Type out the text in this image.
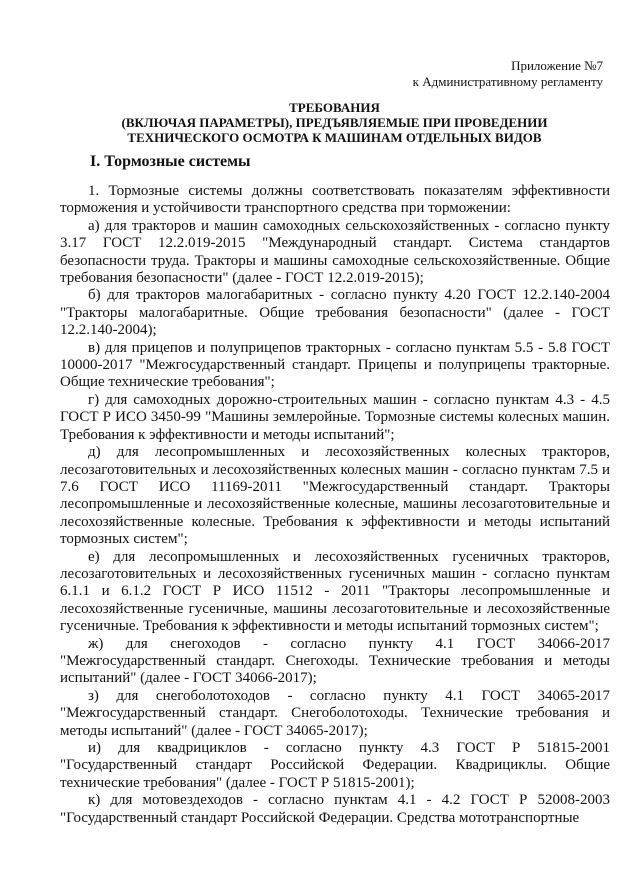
Приложение №7
к Административному регламенту
ТРЕБОВАНИЯ
(ВКЛЮЧАЯ ПАРАМЕТРЫ), ПРЕДЪЯВЛЯЕМЫЕ ПРИ ПРОВЕДЕНИИ
ТЕХНИЧЕСКОГО ОСМОТРА К МАШИНАМ ОТДЕЛЬНЫХ ВИДОВ
I. Тормозные системы

1. Тормозные системы должны соответствовать показателям эффективности торможения и устойчивости транспортного средства при торможении:

а) для тракторов и машин самоходных сельскохозяйственных - согласно пункту 3.17 ГОСТ 12.2.019-2015 "Международный стандарт. Система стандартов безопасности труда. Тракторы и машины самоходные сельскохозяйственные. Общие требования безопасности" (далее - ГОСТ 12.2.019-2015);

б) для тракторов малогабаритных - согласно пункту 4.20 ГОСТ 12.2.140-2004 "Тракторы малогабаритные. Общие требования безопасности" (далее - ГОСТ 12.2.140-2004);

в) для прицепов и полуприцепов тракторных - согласно пунктам 5.5 - 5.8 ГОСТ 10000-2017 "Межгосударственный стандарт. Прицепы и полуприцепы тракторные. Общие технические требования";

г) для самоходных дорожно-строительных машин - согласно пунктам 4.3 - 4.5 ГОСТ Р ИСО 3450-99 "Машины землеройные. Тормозные системы колесных машин. Требования к эффективности и методы испытаний";

д) для лесопромышленных и лесохозяйственных колесных тракторов, лесозаготовительных и лесохозяйственных колесных машин - согласно пунктам 7.5 и 7.6 ГОСТ ИСО 11169-2011 "Межгосударственный стандарт. Тракторы лесопромышленные и лесохозяйственные колесные, машины лесозаготовительные и лесохозяйственные колесные. Требования к эффективности и методы испытаний тормозных систем";

е) для лесопромышленных и лесохозяйственных гусеничных тракторов, лесозаготовительных и лесохозяйственных гусеничных машин - согласно пунктам 6.1.1 и 6.1.2 ГОСТ Р ИСО 11512 - 2011 "Тракторы лесопромышленные и лесохозяйственные гусеничные, машины лесозаготовительные и лесохозяйственные гусеничные. Требования к эффективности и методы испытаний тормозных систем";

ж) для снегоходов - согласно пункту 4.1 ГОСТ 34066-2017 "Межгосударственный стандарт. Снегоходы. Технические требования и методы испытаний" (далее - ГОСТ 34066-2017);

з) для снегоболотоходов - согласно пункту 4.1 ГОСТ 34065-2017 "Межгосударственный стандарт. Снегоболотоходы. Технические требования и методы испытаний" (далее - ГОСТ 34065-2017);

и) для квадрициклов - согласно пункту 4.3 ГОСТ Р 51815-2001 "Государственный стандарт Российской Федерации. Квадрициклы. Общие технические требования" (далее - ГОСТ Р 51815-2001);

к) для мотовездеходов - согласно пунктам 4.1 - 4.2 ГОСТ Р 52008-2003 "Государственный стандарт Российской Федерации. Средства мототранспортные
